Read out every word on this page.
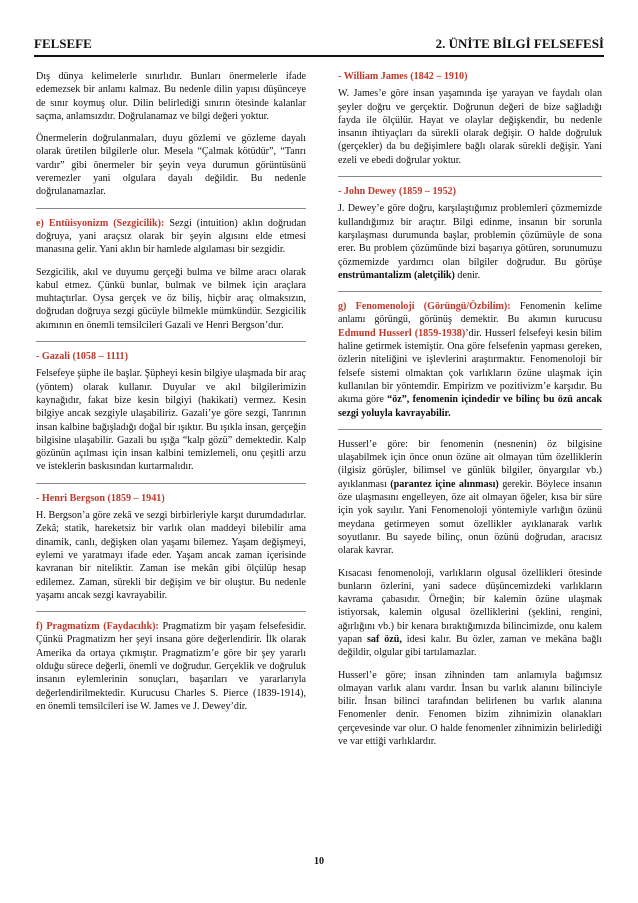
FELSEFE	2. ÜNİTE BİLGİ FELSEFESİ

Dış dünya kelimelerle sınırlıdır. Bunları önermelerle ifade edemezsek bir anlamı kalmaz. Bu nedenle dilin yapısı düşünceye de sınır koymuş olur. Dilin belirlediği sınırın ötesinde kalanlar saçma, anlamsızdır. Doğrulanamaz ve bilgi değeri yoktur.

Önermelerin doğrulanmaları, duyu gözlemi ve gözleme dayalı olarak üretilen bilgilerle olur. Mesela “Çalmak kötüdür”, “Tanrı vardır” gibi önermeler bir şeyin veya durumun görüntüsünü veremezler yani olgulara dayalı değildir. Bu nedenle doğrulanamazlar.

e) Entüisyonizm (Sezgicilik): Sezgi (intuition) aklın doğrudan doğruya, yani araçsız olarak bir şeyin algısını elde etmesi manasına gelir. Yani aklın bir hamlede algılaması bir sezgidir.

Sezgicilik, akıl ve duyumu gerçeği bulma ve bilme aracı olarak kabul etmez. Çünkü bunlar, bulmak ve bilmek için araçlara muhtaçtırlar. Oysa gerçek ve öz biliş, hiçbir araç olmaksızın, doğrudan doğruya sezgi gücüyle bilmekle mümkündür. Sezgicilik akımının en önemli temsilcileri Gazali ve Henri Bergson’dur.

- Gazali (1058 – 1111)

Felsefeye şüphe ile başlar. Şüpheyi kesin bilgiye ulaşmada bir araç (yöntem) olarak kullanır. Duyular ve akıl bilgilerimizin kaynağıdır, fakat bize kesin bilgiyi (hakikati) vermez. Kesin bilgiye ancak sezgiyle ulaşabiliriz. Gazali’ye göre sezgi, Tanrının insan kalbine bağışladığı doğal bir ışıktır. Bu ışıkla insan, gerçeğin bilgisine ulaşabilir. Gazali bu ışığa “kalp gözü” demektedir. Kalp gözünün açılması için insan kalbini temizlemeli, onu çeşitli arzu ve isteklerin baskısından kurtarmalıdır.

- Henri Bergson (1859 – 1941)

H. Bergson’a göre zekâ ve sezgi birbirleriyle karşıt durumdadırlar. Zekâ; statik, hareketsiz bir varlık olan maddeyi bilebilir ama dinamik, canlı, değişken olan yaşamı bilemez. Yaşam değişmeyi, eylemi ve yaratmayı ifade eder. Yaşam ancak zaman içerisinde kavranan bir niteliktir. Zaman ise mekân gibi ölçülüp hesap edilemez. Zaman, sürekli bir değişim ve bir oluştur. Bu nedenle yaşamı ancak sezgi kavrayabilir.

f) Pragmatizm (Faydacılık): Pragmatizm bir yaşam felsefesidir. Çünkü Pragmatizm her şeyi insana göre değerlendirir. İlk olarak Amerika da ortaya çıkmıştır. Pragmatizm’e göre bir şey yararlı olduğu sürece değerli, önemli ve doğrudur. Gerçeklik ve doğruluk insanın eylemlerinin sonuçları, başarıları ve yararlarıyla değerlendirilmektedir. Kurucusu Charles S. Pierce (1839-1914), en önemli temsilcileri ise W. James ve J. Dewey’dir.

- William James (1842 – 1910)

W. James’e göre insan yaşamında işe yarayan ve faydalı olan şeyler doğru ve gerçektir. Doğrunun değeri de bize sağladığı fayda ile ölçülür. Hayat ve olaylar değişkendir, bu nedenle insanın ihtiyaçları da sürekli olarak değişir. O halde doğruluk (gerçekler) da bu değişimlere bağlı olarak sürekli değişir. Yani ezeli ve ebedi doğrular yoktur.

- John Dewey (1859 – 1952)

J. Dewey’e göre doğru, karşılaştığımız problemleri çözmemizde kullandığımız bir araçtır. Bilgi edinme, insanın bir sorunla karşılaşması durumunda başlar, problemin çözümüyle de sona erer. Bu problem çözümünde bizi başarıya götüren, sorunumuzu çözmemizde yardımcı olan bilgiler doğrudur. Bu görüşe enstrümantalizm (aletçilik) denir.

g) Fenomenoloji (Görüngü/Özbilim): Fenomenin kelime anlamı görüngü, görünüş demektir. Bu akımın kurucusu Edmund Husserl (1859-1938)’dir. Husserl felsefeyi kesin bilim haline getirmek istemiştir. Ona göre felsefenin yapması gereken, özlerin niteliğini ve işlevlerini araştırmaktır. Fenomenoloji bir felsefe sistemi olmaktan çok varlıkların özüne ulaşmak için kullanılan bir yöntemdir. Empirizm ve pozitivizm’e karşıdır. Bu akıma göre “öz”, fenomenin içindedir ve bilinç bu özü ancak sezgi yoluyla kavrayabilir.

Husserl’e göre: bir fenomenin (nesnenin) öz bilgisine ulaşabilmek için önce onun özüne ait olmayan tüm özelliklerin (ilgisiz görüşler, bilimsel ve günlük bilgiler, önyargılar vb.) ayıklanması (parantez içine alınması) gerekir. Böylece insanın öze ulaşmasını engelleyen, öze ait olmayan öğeler, kısa bir süre için yok sayılır. Yani Fenomenoloji yöntemiyle varlığın özünü meydana getirmeyen somut özellikler ayıklanarak varlık soyutlanır. Bu sayede bilinç, onun özünü doğrudan, aracısız olarak kavrar.

Kısacası fenomenoloji, varlıkların olgusal özellikleri ötesinde bunların özlerini, yani sadece düşüncemizdeki varlıkların kavrama çabasıdır. Örneğin; bir kalemin özüne ulaşmak istiyorsak, kalemin olgusal özelliklerini (şeklini, rengini, ağırlığını vb.) bir kenara bıraktığımızda bilincimizde, onu kalem yapan saf özü, idesi kalır. Bu özler, zaman ve mekâna bağlı değildir, olgular gibi tartılamazlar.

Husserl’e göre; insan zihninden tam anlamıyla bağımsız olmayan varlık alanı vardır. İnsan bu varlık alanını bilinciyle bilir. İnsan bilinci tarafından belirlenen bu varlık alanına Fenomenler denir. Fenomen bizim zihnimizin olanakları çerçevesinde var olur. O halde fenomenler zihnimizin belirlediği ve var ettiği varlıklardır.

10
